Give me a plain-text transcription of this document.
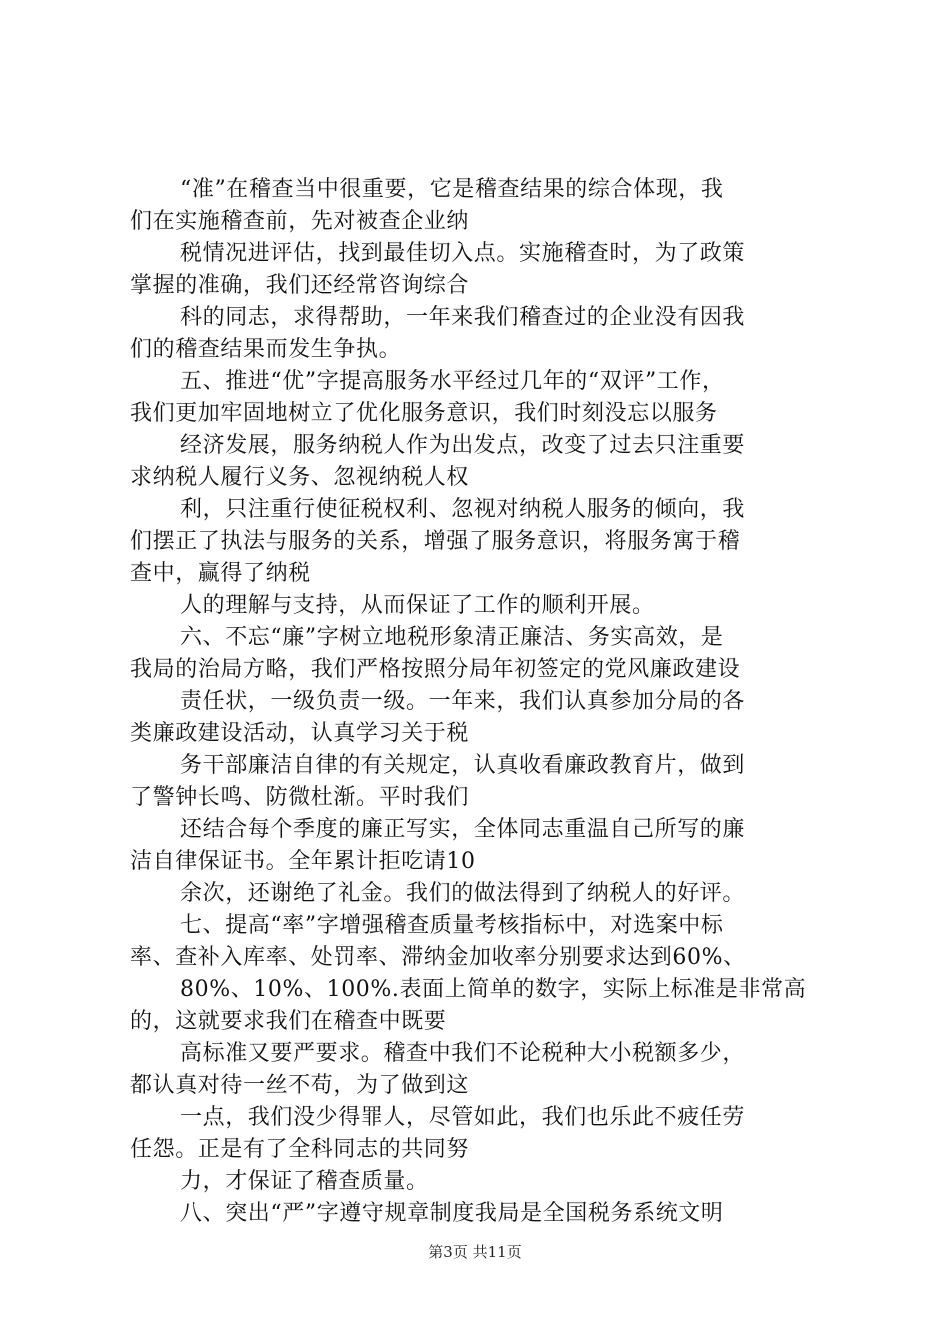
“准”在稽查当中很重要，它是稽查结果的综合体现，我
们在实施稽查前，先对被查企业纳
税情况进评估，找到最佳切入点。实施稽查时，为了政策
掌握的准确，我们还经常咨询综合
科的同志，求得帮助，一年来我们稽查过的企业没有因我
们的稽查结果而发生争执。
五、推进“优”字提高服务水平经过几年的“双评”工作，
我们更加牢固地树立了优化服务意识，我们时刻没忘以服务
经济发展，服务纳税人作为出发点，改变了过去只注重要
求纳税人履行义务、忽视纳税人权
利，只注重行使征税权利、忽视对纳税人服务的倾向，我
们摆正了执法与服务的关系，增强了服务意识，将服务寓于稽
查中，赢得了纳税
人的理解与支持，从而保证了工作的顺利开展。
六、不忘“廉”字树立地税形象清正廉洁、务实高效，是
我局的治局方略，我们严格按照分局年初签定的党风廉政建设
责任状，一级负责一级。一年来，我们认真参加分局的各
类廉政建设活动，认真学习关于税
务干部廉洁自律的有关规定，认真收看廉政教育片，做到
了警钟长鸣、防微杜渐。平时我们
还结合每个季度的廉正写实，全体同志重温自己所写的廉
洁自律保证书。全年累计拒吃请10
余次，还谢绝了礼金。我们的做法得到了纳税人的好评。
七、提高“率”字增强稽查质量考核指标中，对选案中标
率、查补入库率、处罚率、滞纳金加收率分别要求达到60%、
80%、10%、100%.表面上简单的数字，实际上标准是非常高
的，这就要求我们在稽查中既要
高标准又要严要求。稽查中我们不论税种大小税额多少，
都认真对待一丝不苟，为了做到这
一点，我们没少得罪人，尽管如此，我们也乐此不疲任劳
任怨。正是有了全科同志的共同努
力，才保证了稽查质量。
八、突出“严”字遵守规章制度我局是全国税务系统文明
第3页 共11页
